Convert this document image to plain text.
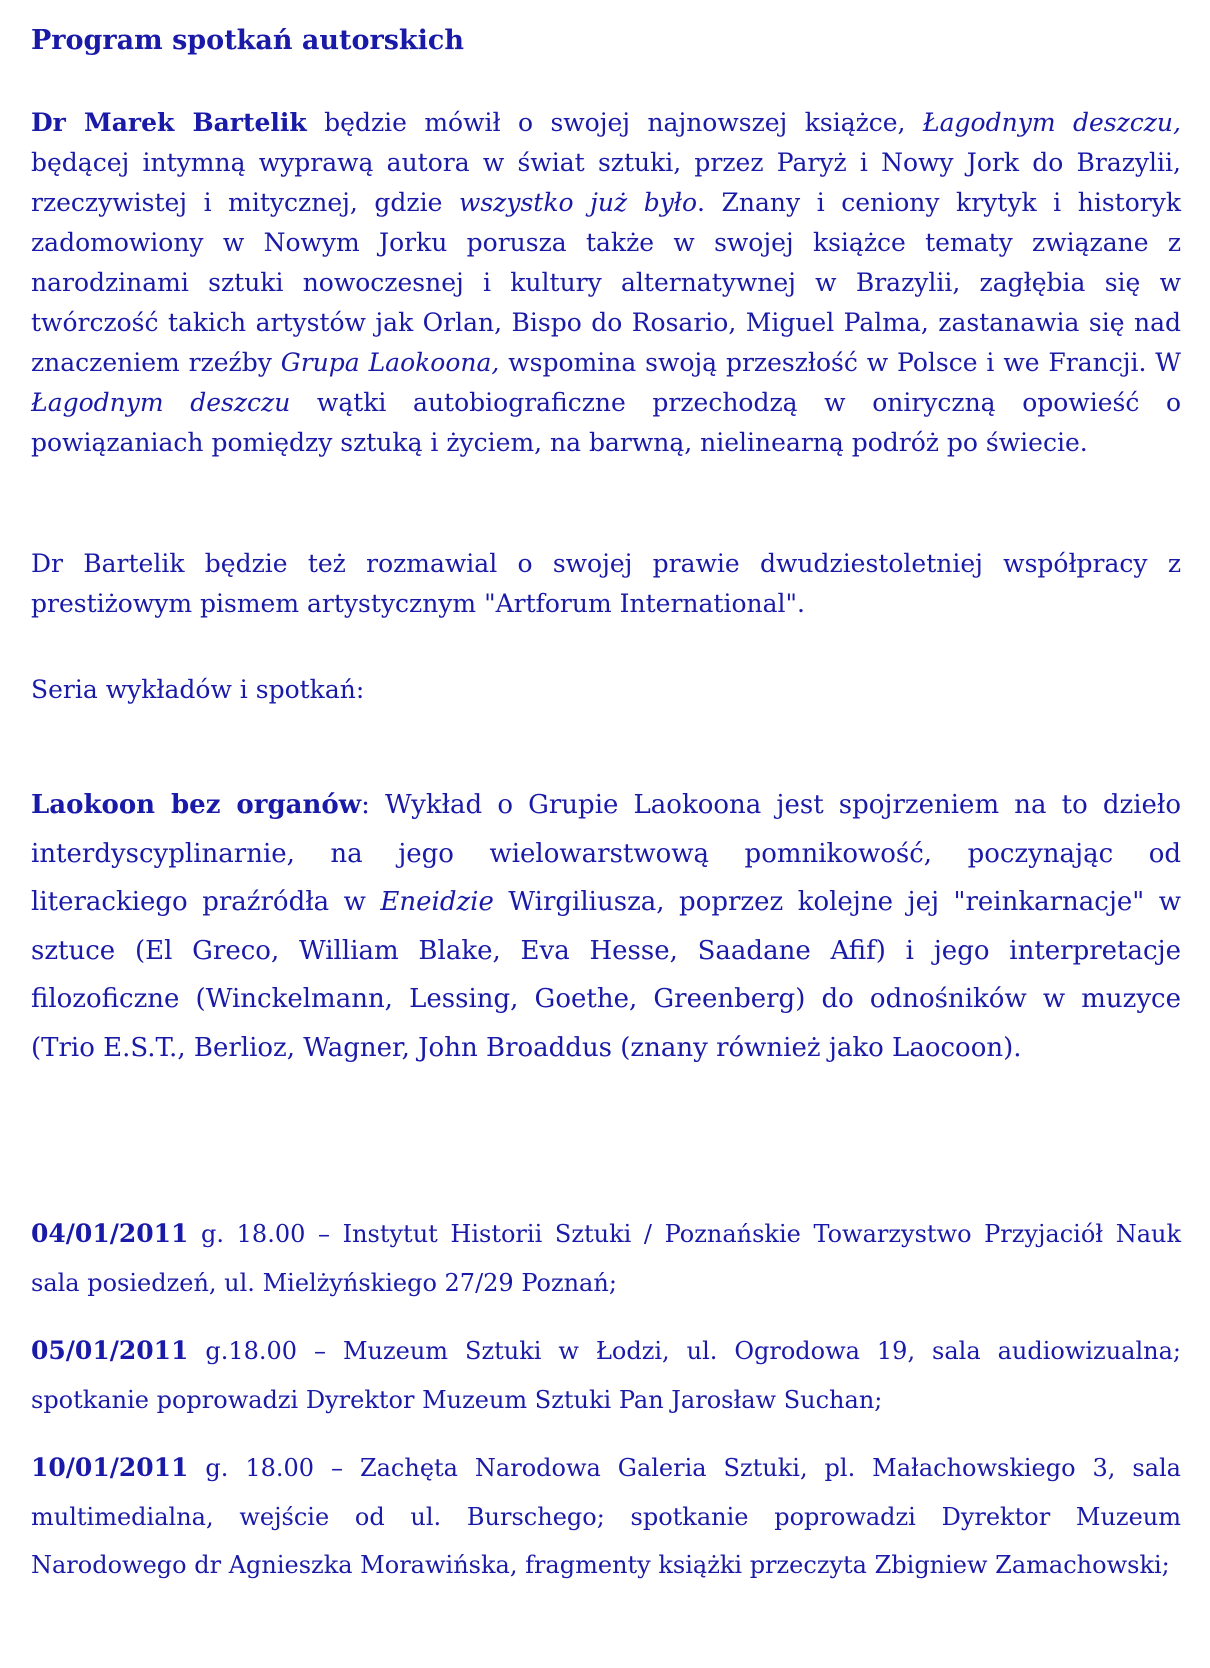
Program spotkań autorskich

Dr Marek Bartelik będzie mówił o swojej najnowszej książce, Łagodnym deszczu, będącej intymną wyprawą autora w świat sztuki, przez Paryż i Nowy Jork do Brazylii, rzeczywistej i mitycznej, gdzie wszystko już było. Znany i ceniony krytyk i historyk zadomowiony w Nowym Jorku porusza także w swojej książce tematy związane z narodzinami sztuki nowoczesnej i kultury alternatywnej w Brazylii, zagłębia się w twórczość takich artystów jak Orlan, Bispo do Rosario, Miguel Palma, zastanawia się nad znaczeniem rzeźby Grupa Laokoona, wspomina swoją przeszłość w Polsce i we Francji. W Łagodnym deszczu wątki autobiograficzne przechodzą w oniryczną opowieść o powiązaniach pomiędzy sztuką i życiem, na barwną, nielinearną podróż po świecie.

Dr Bartelik będzie też rozmawial o swojej prawie dwudziestoletniej współpracy z prestiżowym pismem artystycznym "Artforum International".

Seria wykładów i spotkań:

Laokoon bez organów: Wykład o Grupie Laokoona jest spojrzeniem na to dzieło interdyscyplinarnie, na jego wielowarstwową pomnikowość, poczynając od literackiego praźródła w Eneidzie Wirgiliusza, poprzez kolejne jej "reinkarnacje" w sztuce (El Greco, William Blake, Eva Hesse, Saadane Afif) i jego interpretacje filozoficzne (Winckelmann, Lessing, Goethe, Greenberg) do odnośników w muzyce (Trio E.S.T., Berlioz, Wagner, John Broaddus (znany również jako Laocoon).

04/01/2011 g. 18.00 – Instytut Historii Sztuki / Poznańskie Towarzystwo Przyjaciół Nauk sala posiedzeń, ul. Mielżyńskiego 27/29 Poznań;

05/01/2011 g.18.00 – Muzeum Sztuki w Łodzi, ul. Ogrodowa 19, sala audiowizualna; spotkanie poprowadzi Dyrektor Muzeum Sztuki Pan Jarosław Suchan;

10/01/2011 g. 18.00 – Zachęta Narodowa Galeria Sztuki, pl. Małachowskiego 3, sala multimedialna, wejście od ul. Burschego; spotkanie poprowadzi Dyrektor Muzeum Narodowego dr Agnieszka Morawińska, fragmenty książki przeczyta Zbigniew Zamachowski;
